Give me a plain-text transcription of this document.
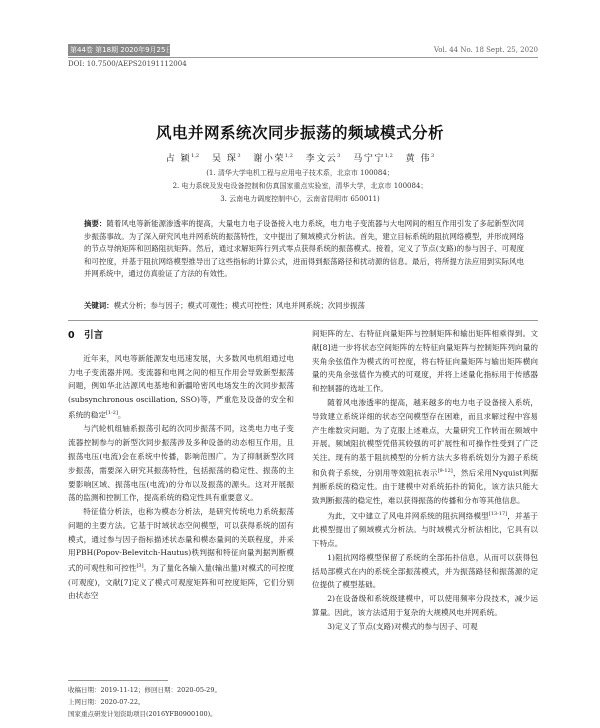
第44卷 第18期 2020年9月25日	Vol. 44 No. 18 Sept. 25, 2020
DOI: 10.7500/AEPS20191112004
风电并网系统次同步振荡的频域模式分析
占 颖$^{1,2}$ 吴 琛$^3$ 谢小荣$^{1,2}$ 李文云$^3$ 马宁宁$^{1,2}$ 黄 伟$^3$
(1. 清华大学电机工程与应用电子技术系，北京市 100084；
2. 电力系统及发电设备控制和仿真国家重点实验室，清华大学，北京市 100084；
3. 云南电力调度控制中心，云南省昆明市 650011)
摘要：随着风电等新能源渗透率的提高，大量电力电子设备接入电力系统，电力电子变流器与大电网间的相互作用引发了多起新型次同步振荡事故。为了深入研究风电并网系统的振荡特性，文中提出了频域模式分析法。首先，建立目标系统的阻抗网络模型，并形成网络的节点导纳矩阵和回路阻抗矩阵。然后，通过求解矩阵行列式零点获得系统的振荡模式。接着，定义了节点(支路)的参与因子、可观度和可控度，并基于阻抗网络模型推导出了这些指标的计算公式，进而得到振荡路径和扰动源的信息。最后，将所提方法应用到实际风电并网系统中，通过仿真验证了方法的有效性。
关键词：模式分析；参与因子；模式可观性；模式可控性；风电并网系统；次同步振荡
0　引言

近年来，风电等新能源发电迅速发展，大多数风电机组通过电力电子变流器并网。变流器和电网之间的相互作用会导致新型振荡问题，例如华北沽源风电基地和新疆哈密风电场发生的次同步振荡(subsynchronous oscillation, SSO)等，严重危及设备的安全和系统的稳定[1-2]。

与汽轮机组轴系振荡引起的次同步振荡不同，这类电力电子变流器控制参与的新型次同步振荡涉及多种设备的动态相互作用，且振荡电压(电流)会在系统中传播，影响范围广。为了抑制新型次同步振荡，需要深入研究其振荡特性，包括振荡的稳定性、振荡的主要影响区域、振荡电压(电流)的分布以及振荡的源头。这对开展振荡的监测和控制工作，提高系统的稳定性具有重要意义。

特征值分析法，也称为模态分析法，是研究传统电力系统振荡问题的主要方法。它基于时域状态空间模型，可以获得系统的固有模式，通过参与因子指标描述状态量和模态量间的关联程度，并采用PBH(Popov-Belevitch-Hautus)秩判据和特征向量判据判断模式的可观性和可控性[3]。为了量化各输入量(输出量)对模式的可控度(可观度)，文献[7]定义了模式可观度矩阵和可控度矩阵，它们分别由状态空

间矩阵的左、右特征向量矩阵与控制矩阵和输出矩阵相乘得到。文献[8]进一步将状态空间矩阵的左特征向量矩阵与控制矩阵列向量的夹角余弦值作为模式的可控度，将右特征向量矩阵与输出矩阵横向量的夹角余弦值作为模式的可观度，并将上述量化指标用于传感器和控制器的选址工作。

随着风电渗透率的提高，越来越多的电力电子设备接入系统，导致建立系统详细的状态空间模型存在困难，而且求解过程中容易产生维数灾问题。为了克服上述难点，大量研究工作转而在频域中开展。频域阻抗模型凭借其较强的可扩展性和可操作性受到了广泛关注。现有的基于阻抗模型的分析方法大多将系统划分为源子系统和负荷子系统，分别用等效阻抗表示[9-12]，然后采用Nyquist判据判断系统的稳定性。由于建模中对系统拓扑的简化，该方法只能大致判断振荡的稳定性，难以获得振荡的传播和分布等其他信息。

为此，文中建立了风电并网系统的阻抗网络模型[13-17]，并基于此模型提出了频域模式分析法。与时域模式分析法相比，它具有以下特点。

1)阻抗网络模型保留了系统的全部拓扑信息，从而可以获得包括局部模式在内的系统全部振荡模式，并为振荡路径和振荡源的定位提供了模型基础。

2)在设备级和系统级建模中，可以使用频率分段技术，减少运算量。因此，该方法适用于复杂的大规模风电并网系统。

3)定义了节点(支路)对模式的参与因子、可观

收稿日期：2019-11-12；修回日期：2020-05-29。
上网日期：2020-07-22。
国家重点研发计划资助项目(2016YFB0900100)。
